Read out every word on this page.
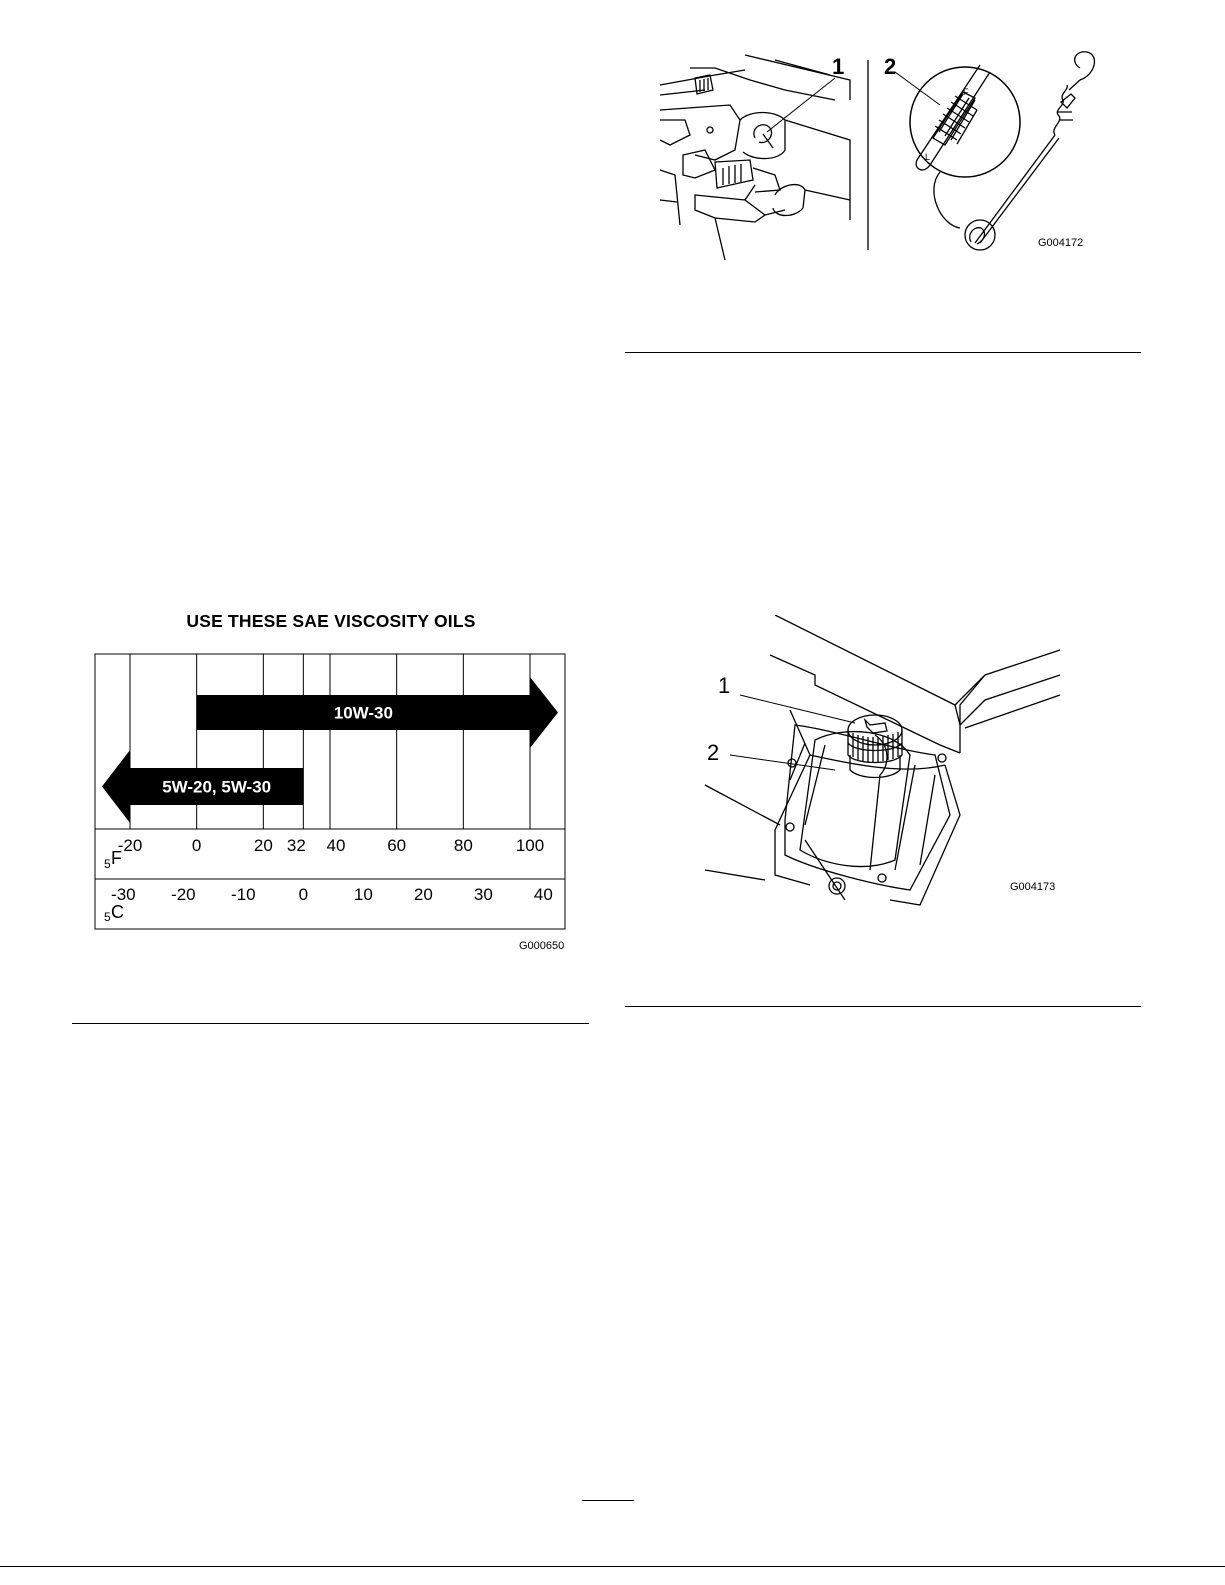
F
L
1 2
G004172
USE THESE SAE VISCOSITY OILS
10W-30
5W-20, 5W-30
-20	0	20 32 40 60	80	100
-30 -20 -10	0	10 20 30 40
5 F
5 C
G000650
1
2
G004173
